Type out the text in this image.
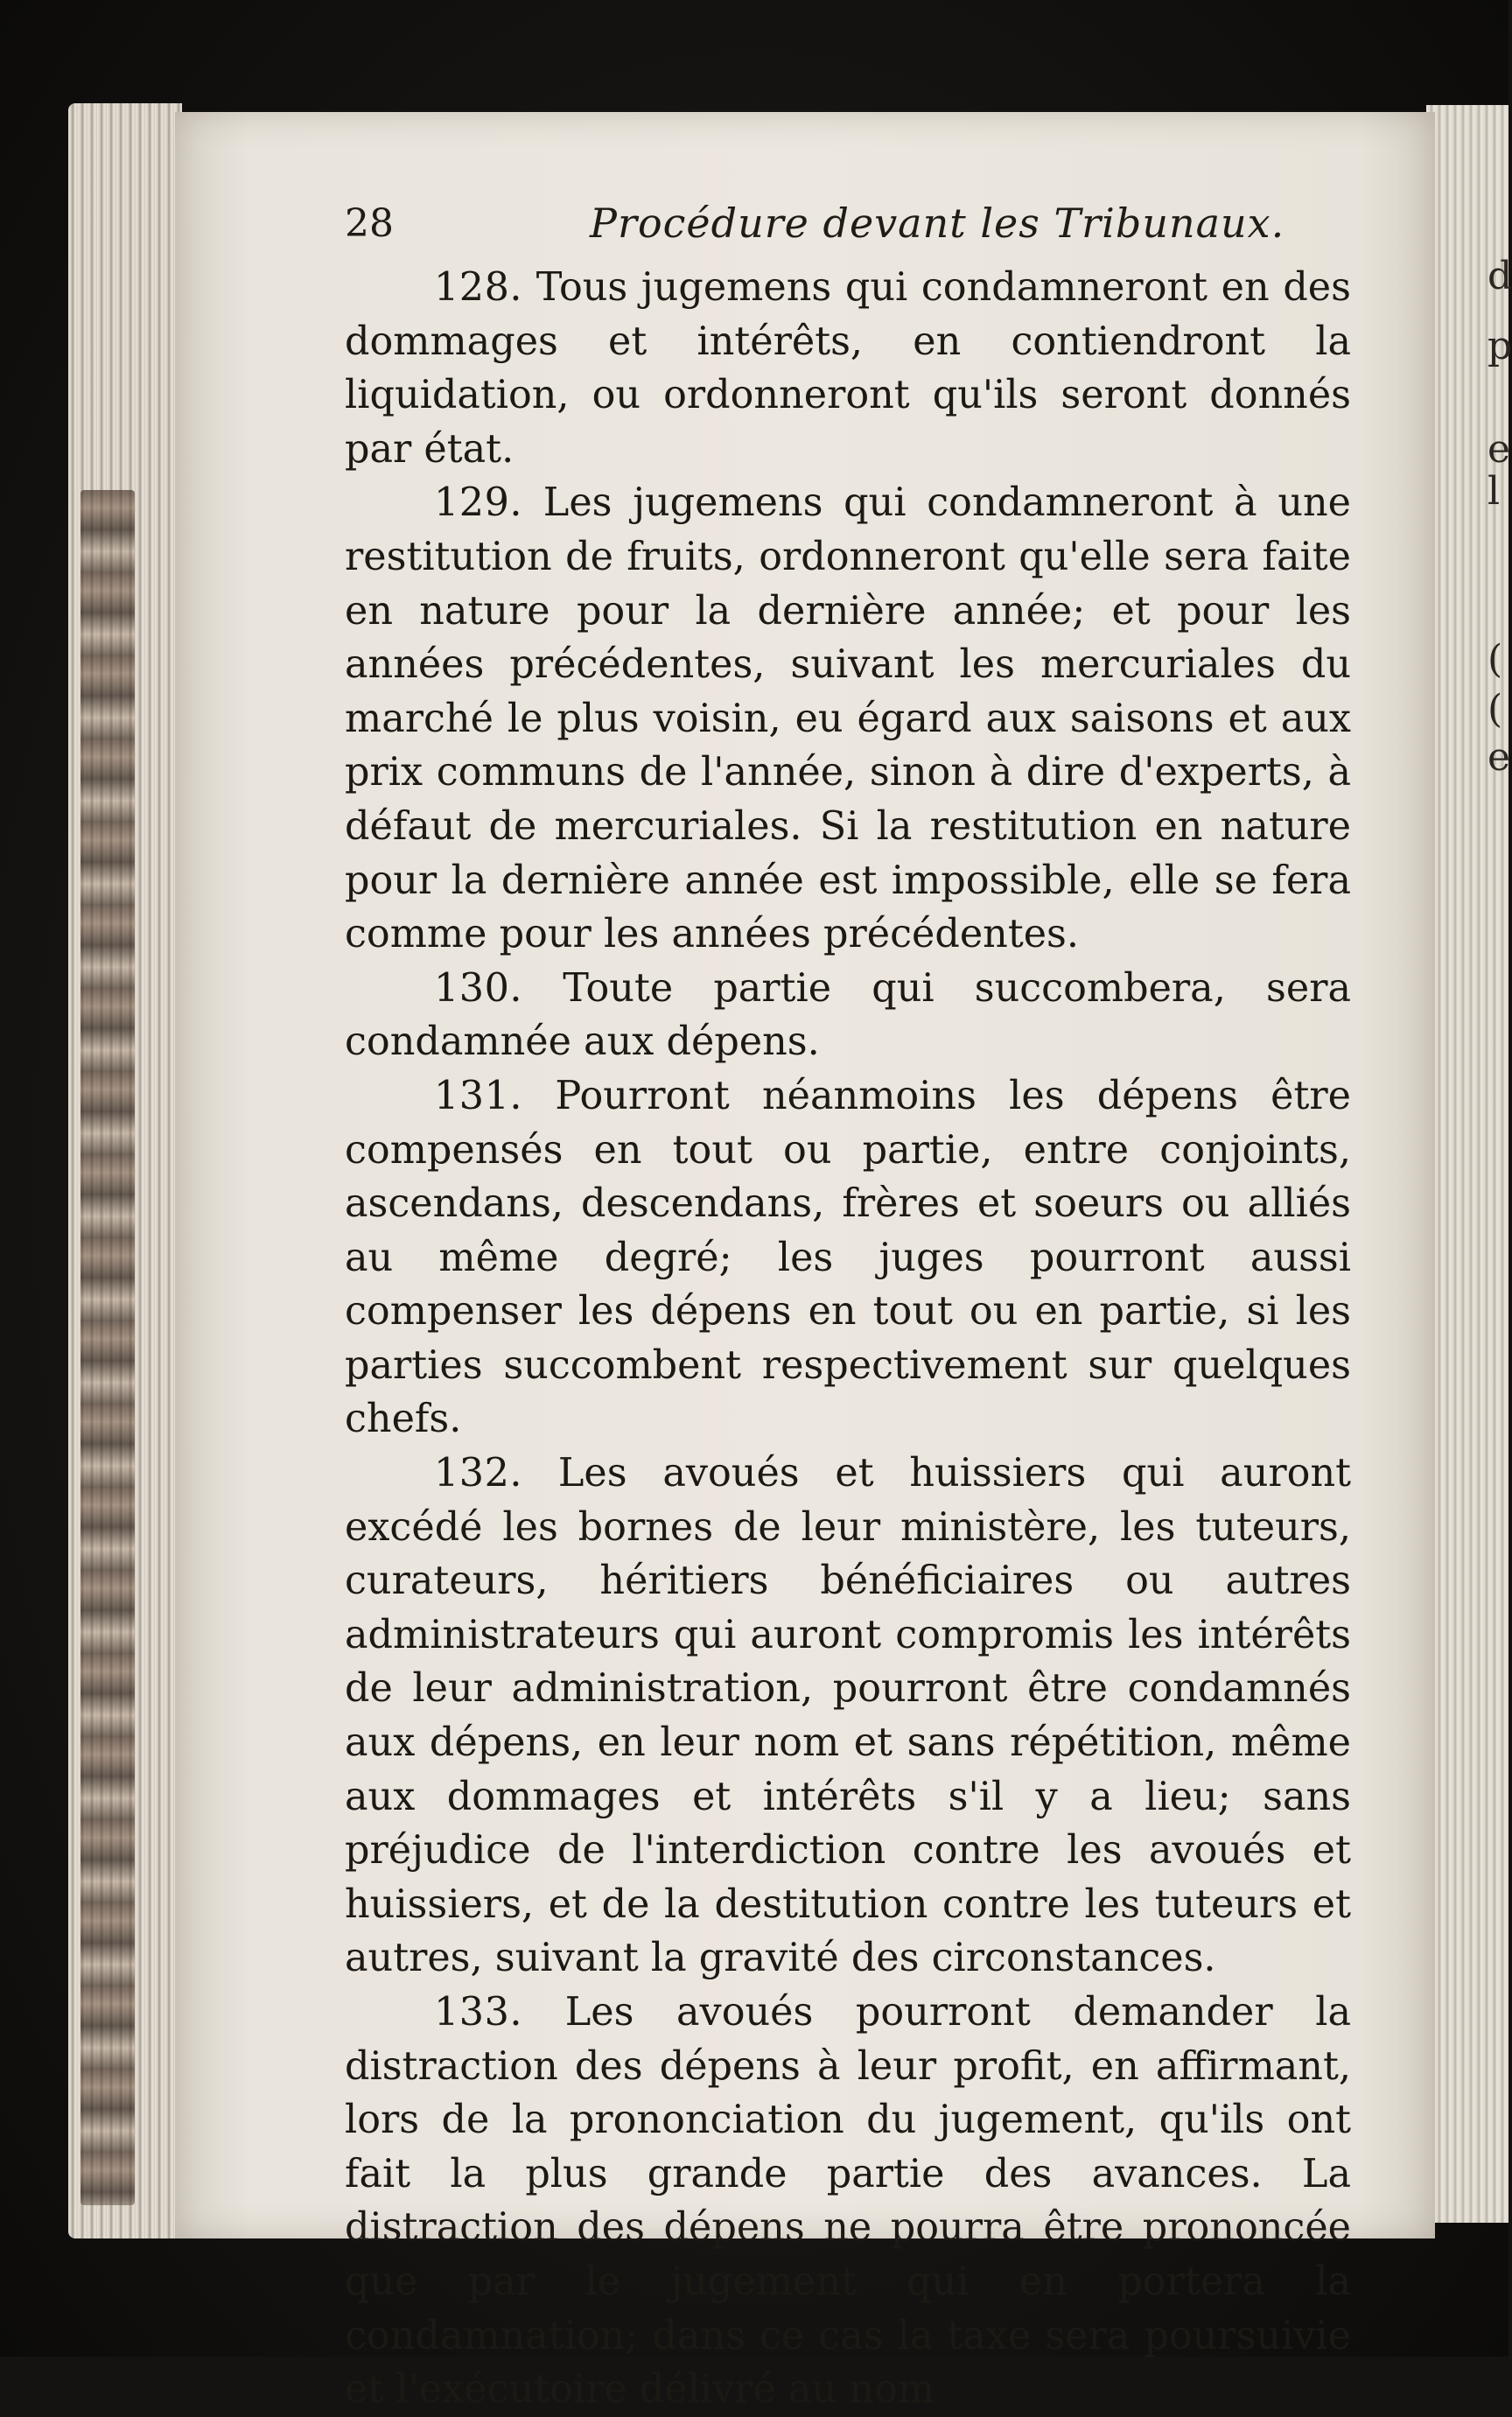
d
p
e
l
(
(
e
28	Procédure devant les Tribunaux.

128. Tous jugemens qui condamneront en des dommages et intérêts, en contiendront la liquidation, ou ordonneront qu'ils seront donnés par état.

129. Les jugemens qui condamneront à une restitution de fruits, ordonneront qu'elle sera faite en nature pour la dernière année; et pour les années précédentes, suivant les mercuriales du marché le plus voisin, eu égard aux saisons et aux prix communs de l'année, sinon à dire d'experts, à défaut de mercuriales. Si la restitution en nature pour la dernière année est impossible, elle se fera comme pour les années précédentes.

130. Toute partie qui succombera, sera condamnée aux dépens.

131. Pourront néanmoins les dépens être compensés en tout ou partie, entre conjoints, ascendans, descendans, frères et soeurs ou alliés au même degré; les juges pourront aussi compenser les dépens en tout ou en partie, si les parties succombent respectivement sur quelques chefs.

132. Les avoués et huissiers qui auront excédé les bornes de leur ministère, les tuteurs, curateurs, héritiers bénéficiaires ou autres administrateurs qui auront compromis les intérêts de leur administration, pourront être condamnés aux dépens, en leur nom et sans répétition, même aux dommages et intérêts s'il y a lieu; sans préjudice de l'interdiction contre les avoués et huissiers, et de la destitution contre les tuteurs et autres, suivant la gravité des circonstances.

133. Les avoués pourront demander la distraction des dépens à leur profit, en affirmant, lors de la prononciation du jugement, qu'ils ont fait la plus grande partie des avances. La distraction des dépens ne pourra être prononcée que par le jugement qui en portera la condamnation; dans ce cas la taxe sera poursuivie et l'exécutoire délivré au nom
